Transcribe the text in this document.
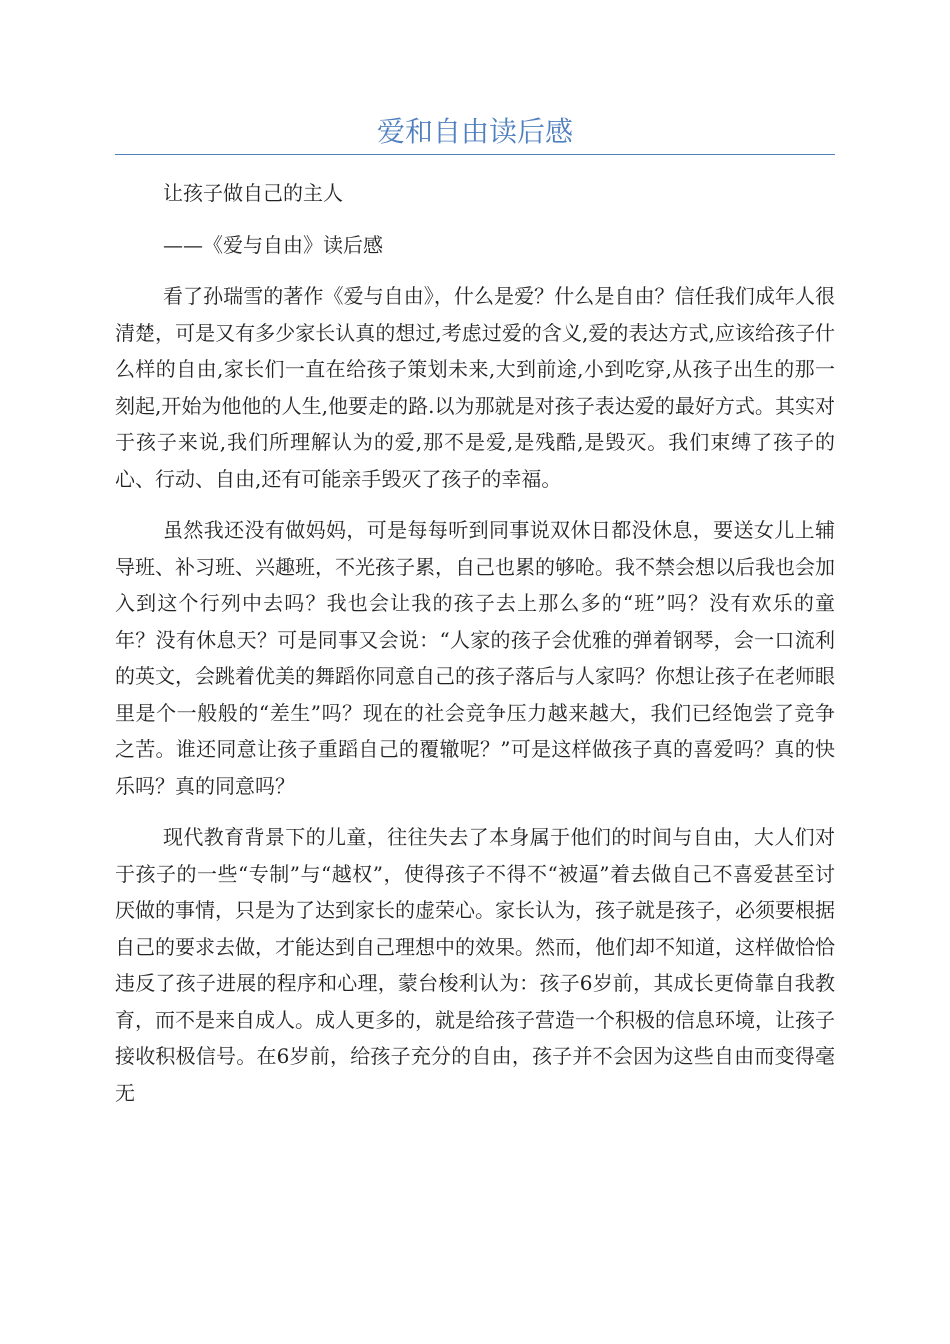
爱和自由读后感

让孩子做自己的主人

——《爱与自由》读后感

看了孙瑞雪的著作《爱与自由》，什么是爱？什么是自由？信任我们成年人很清楚，可是又有多少家长认真的想过,考虑过爱的含义,爱的表达方式,应该给孩子什么样的自由,家长们一直在给孩子策划未来,大到前途,小到吃穿,从孩子出生的那一刻起,开始为他他的人生,他要走的路.以为那就是对孩子表达爱的最好方式。其实对于孩子来说,我们所理解认为的爱,那不是爱,是残酷,是毁灭。我们束缚了孩子的心、行动、自由,还有可能亲手毁灭了孩子的幸福。

虽然我还没有做妈妈，可是每每听到同事说双休日都没休息，要送女儿上辅导班、补习班、兴趣班，不光孩子累，自己也累的够呛。我不禁会想以后我也会加入到这个行列中去吗？我也会让我的孩子去上那么多的“班”吗？没有欢乐的童年？没有休息天？可是同事又会说：“人家的孩子会优雅的弹着钢琴，会一口流利的英文，会跳着优美的舞蹈你同意自己的孩子落后与人家吗？你想让孩子在老师眼里是个一般般的“差生”吗？现在的社会竞争压力越来越大，我们已经饱尝了竞争之苦。谁还同意让孩子重蹈自己的覆辙呢？”可是这样做孩子真的喜爱吗？真的快乐吗？真的同意吗？

现代教育背景下的儿童，往往失去了本身属于他们的时间与自由，大人们对于孩子的一些“专制”与“越权”，使得孩子不得不“被逼”着去做自己不喜爱甚至讨厌做的事情，只是为了达到家长的虚荣心。家长认为，孩子就是孩子，必须要根据自己的要求去做，才能达到自己理想中的效果。然而，他们却不知道，这样做恰恰违反了孩子进展的程序和心理，蒙台梭利认为：孩子6岁前，其成长更倚靠自我教育，而不是来自成人。成人更多的，就是给孩子营造一个积极的信息环境，让孩子接收积极信号。在6岁前，给孩子充分的自由，孩子并不会因为这些自由而变得毫无
